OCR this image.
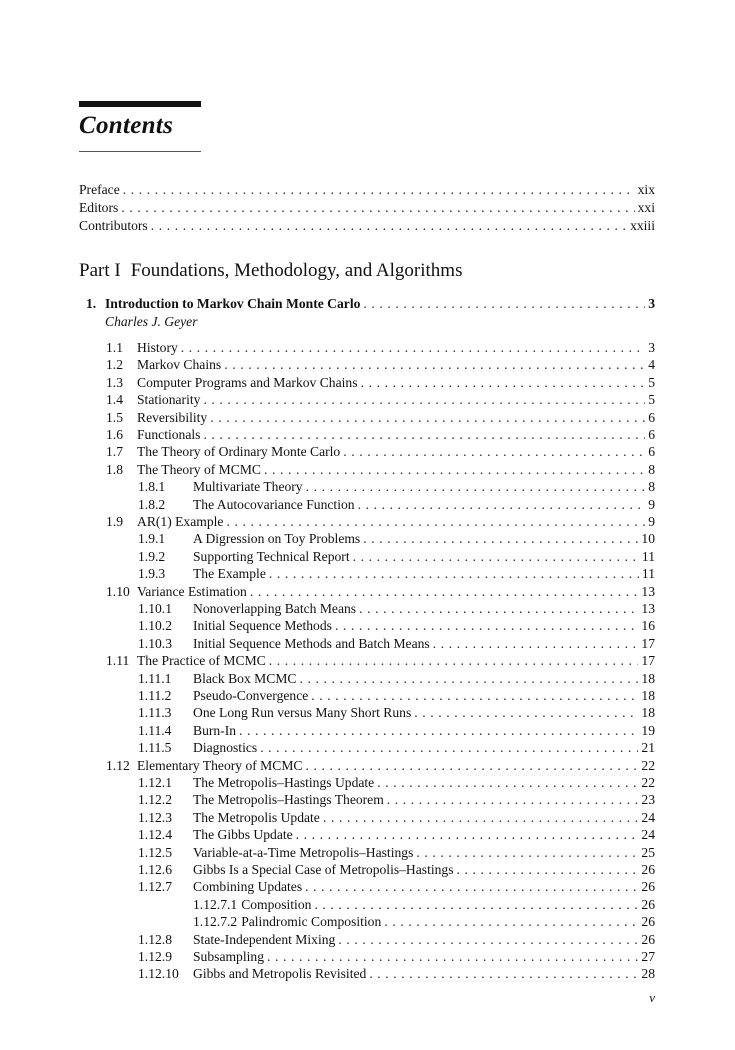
Contents
Preface . . .	xix
Editors . . .	xxi
Contributors . . .	xxiii
Part I Foundations, Methodology, and Algorithms
1. Introduction to Markov Chain Monte Carlo . . .	3
Charles J. Geyer
1.1	History . . .	3
1.2	Markov Chains . . .	4
1.3	Computer Programs and Markov Chains . . .	5
1.4	Stationarity . . .	5
1.5	Reversibility . . .	6
1.6	Functionals . . .	6
1.7	The Theory of Ordinary Monte Carlo . . .	6
1.8	The Theory of MCMC . . .	8
1.8.1	Multivariate Theory . . .	8
1.8.2	The Autocovariance Function . . .	9
1.9	AR(1) Example . . .	9
1.9.1	A Digression on Toy Problems . . .	10
1.9.2	Supporting Technical Report . . .	11
1.9.3	The Example . . .	11
1.10 Variance Estimation . . .	13
1.10.1	Nonoverlapping Batch Means . . .	13
1.10.2	Initial Sequence Methods . . .	16
1.10.3	Initial Sequence Methods and Batch Means . . .	17
1.11 The Practice of MCMC . . .	17
1.11.1	Black Box MCMC . . .	18
1.11.2	Pseudo-Convergence . . .	18
1.11.3	One Long Run versus Many Short Runs . . .	18
1.11.4	Burn-In . . .	19
1.11.5	Diagnostics . . .	21
1.12 Elementary Theory of MCMC . . .	22
1.12.1	The Metropolis–Hastings Update . . .	22
1.12.2	The Metropolis–Hastings Theorem . . .	23
1.12.3	The Metropolis Update . . .	24
1.12.4	The Gibbs Update . . .	24
1.12.5	Variable-at-a-Time Metropolis–Hastings . . .	25
1.12.6	Gibbs Is a Special Case of Metropolis–Hastings . . .	26
1.12.7	Combining Updates . . .	26
1.12.7.1 Composition . . .	26
1.12.7.2 Palindromic Composition . . .	26
1.12.8	State-Independent Mixing . . .	26
1.12.9	Subsampling . . .	27
1.12.10	Gibbs and Metropolis Revisited . . .	28
v
